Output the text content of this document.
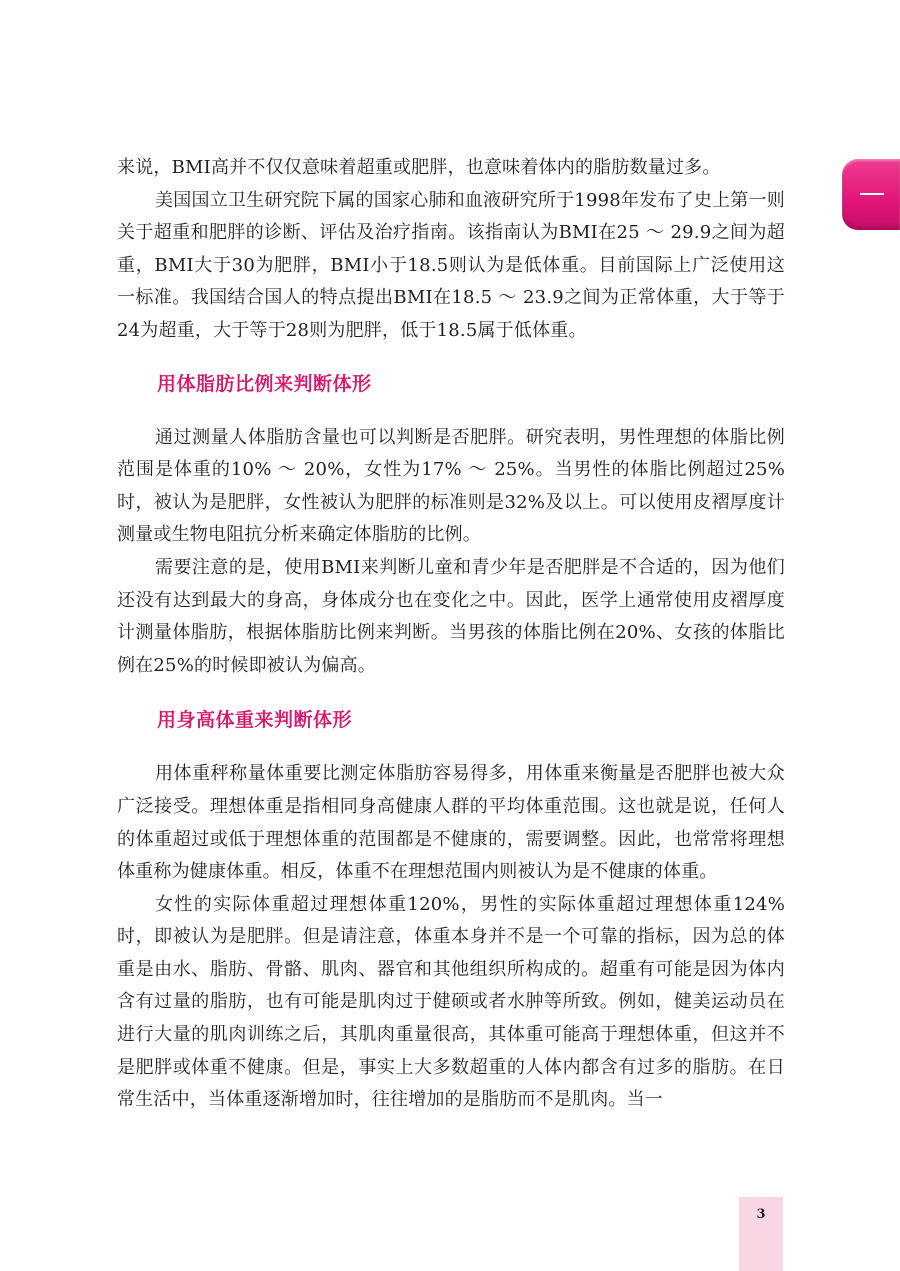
来说，BMI高并不仅仅意味着超重或肥胖，也意味着体内的脂肪数量过多。

美国国立卫生研究院下属的国家心肺和血液研究所于1998年发布了史上第一则关于超重和肥胖的诊断、评估及治疗指南。该指南认为BMI在25 ～ 29.9之间为超重，BMI大于30为肥胖，BMI小于18.5则认为是低体重。目前国际上广泛使用这一标准。我国结合国人的特点提出BMI在18.5 ～ 23.9之间为正常体重，大于等于24为超重，大于等于28则为肥胖，低于18.5属于低体重。

用体脂肪比例来判断体形

通过测量人体脂肪含量也可以判断是否肥胖。研究表明，男性理想的体脂比例范围是体重的10% ～ 20%，女性为17% ～ 25%。当男性的体脂比例超过25%时，被认为是肥胖，女性被认为肥胖的标准则是32%及以上。可以使用皮褶厚度计测量或生物电阻抗分析来确定体脂肪的比例。

需要注意的是，使用BMI来判断儿童和青少年是否肥胖是不合适的，因为他们还没有达到最大的身高，身体成分也在变化之中。因此，医学上通常使用皮褶厚度计测量体脂肪，根据体脂肪比例来判断。当男孩的体脂比例在20%、女孩的体脂比例在25%的时候即被认为偏高。

用身高体重来判断体形

用体重秤称量体重要比测定体脂肪容易得多，用体重来衡量是否肥胖也被大众广泛接受。理想体重是指相同身高健康人群的平均体重范围。这也就是说，任何人的体重超过或低于理想体重的范围都是不健康的，需要调整。因此，也常常将理想体重称为健康体重。相反，体重不在理想范围内则被认为是不健康的体重。

女性的实际体重超过理想体重120%，男性的实际体重超过理想体重124%时，即被认为是肥胖。但是请注意，体重本身并不是一个可靠的指标，因为总的体重是由水、脂肪、骨骼、肌肉、器官和其他组织所构成的。超重有可能是因为体内含有过量的脂肪，也有可能是肌肉过于健硕或者水肿等所致。例如，健美运动员在进行大量的肌肉训练之后，其肌肉重量很高，其体重可能高于理想体重，但这并不是肥胖或体重不健康。但是，事实上大多数超重的人体内都含有过多的脂肪。在日常生活中，当体重逐渐增加时，往往增加的是脂肪而不是肌肉。当一

3
